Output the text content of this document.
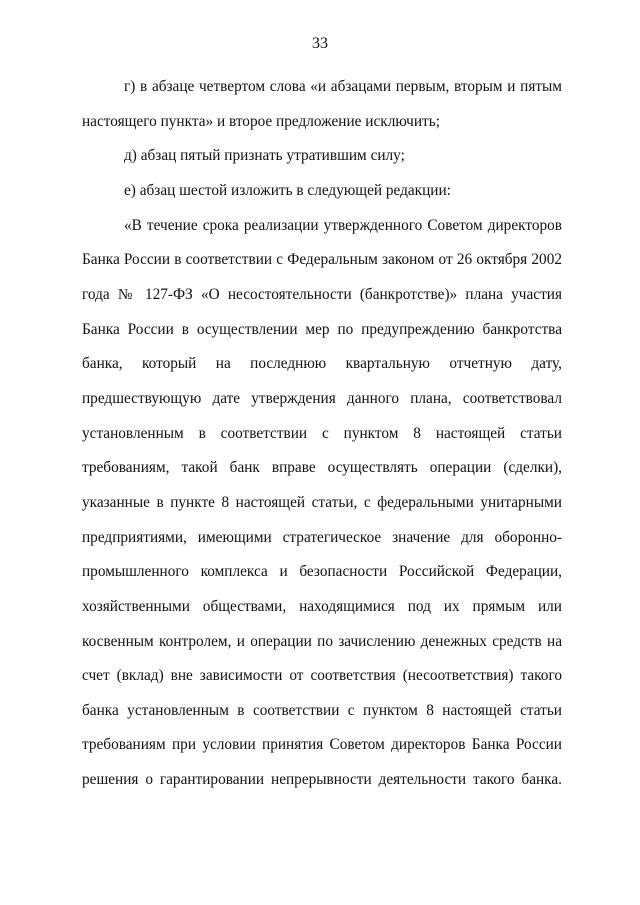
33

г) в абзаце четвертом слова «и абзацами первым, вторым и пятым настоящего пункта» и второе предложение исключить;

д) абзац пятый признать утратившим силу;

е) абзац шестой изложить в следующей редакции:

«В течение срока реализации утвержденного Советом директоров Банка России в соответствии с Федеральным законом от 26 октября 2002 года № 127-ФЗ «О несостоятельности (банкротстве)» плана участия Банка России в осуществлении мер по предупреждению банкротства банка, который на последнюю квартальную отчетную дату, предшествующую дате утверждения данного плана, соответствовал установленным в соответствии с пунктом 8 настоящей статьи требованиям, такой банк вправе осуществлять операции (сделки), указанные в пункте 8 настоящей статьи, с федеральными унитарными предприятиями, имеющими стратегическое значение для оборонно-промышленного комплекса и безопасности Российской Федерации, хозяйственными обществами, находящимися под их прямым или косвенным контролем, и операции по зачислению денежных средств на счет (вклад) вне зависимости от соответствия (несоответствия) такого банка установленным в соответствии с пунктом 8 настоящей статьи требованиям при условии принятия Советом директоров Банка России решения о гарантировании непрерывности деятельности такого банка.
